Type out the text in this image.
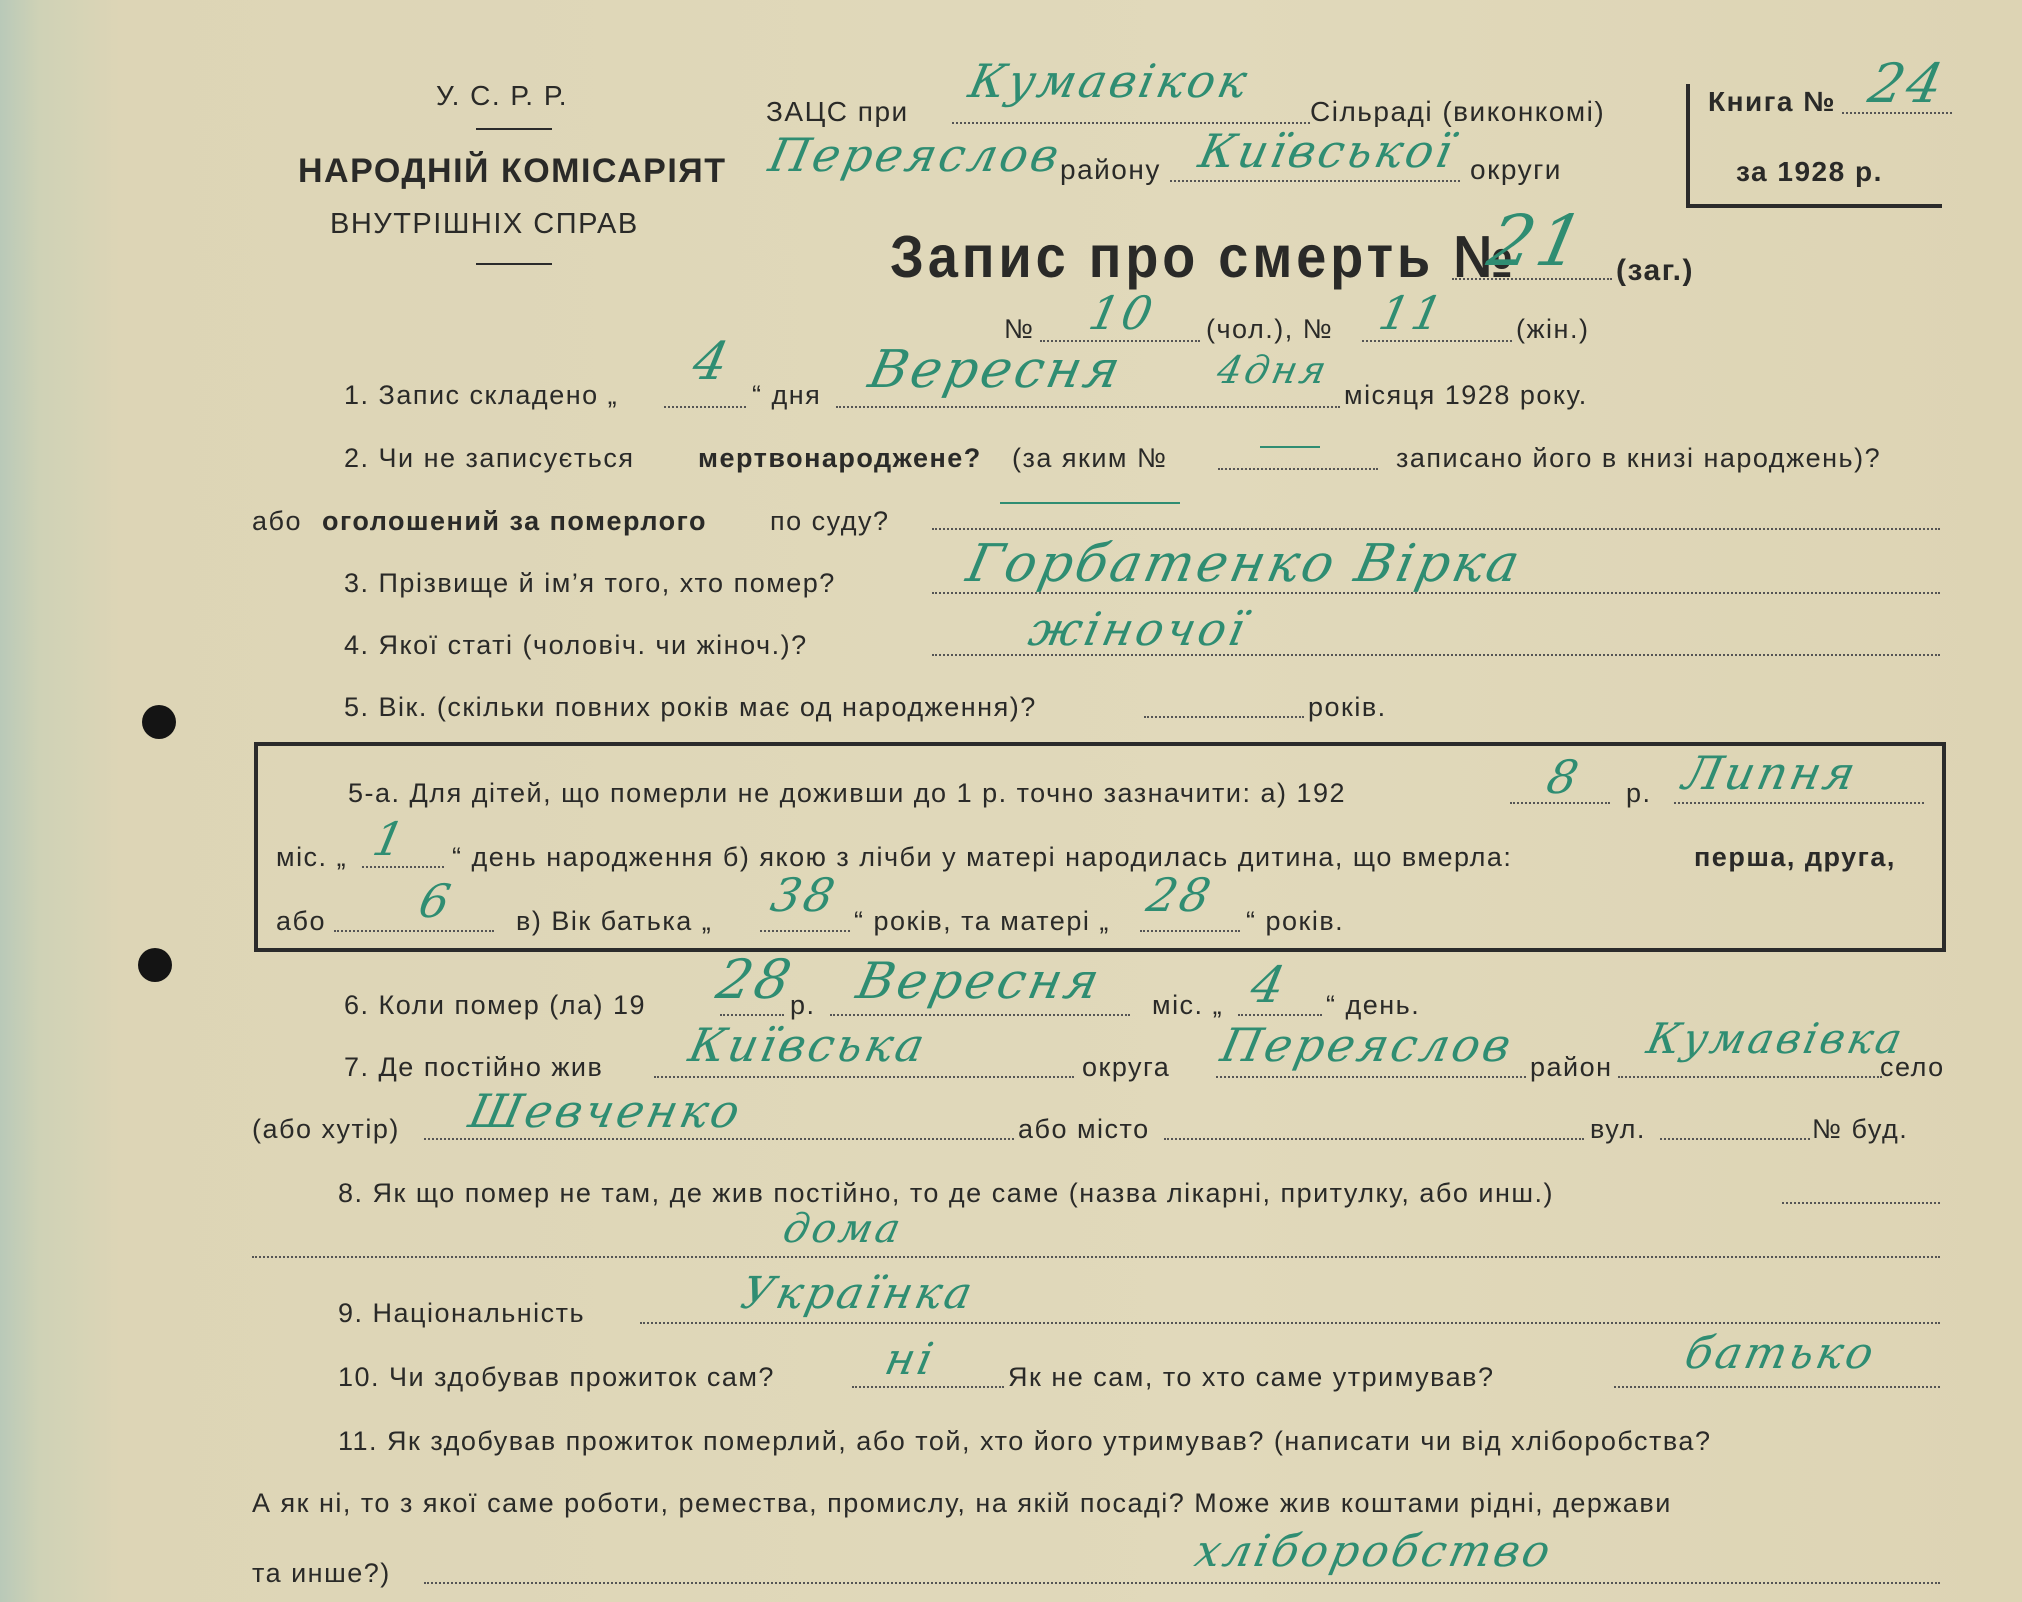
У. С. Р. Р.
НАРОДНІЙ КОМІСАРІЯТ
ВНУТРІШНІХ СПРАВ
ЗАЦС при
Кумaвiкoк
Сільраді (виконкомі)
Перeяcлoв
району Київcької округи
Книга № 24
за 1928 р.
Запис про смерть №
21 (заг.)
№ 10 (чол.), № 11 (жін.)
1. Запис складено „
4
“ дня Вересня 4дня
місяця 1928 року.
2. Чи не записується мертвонароджене? (за яким №	записано його в книзі народжень)?
або оголошений за померлого по суду?
3. Прізвище й ім’я того, хто помер? Горбатенко Вірка
4. Якої статі (чоловіч. чи жіноч.)?	жіночої
5. Вік. (скільки повних років має од народження)?	років.
5-а. Для дітей, що померли не доживши до 1 р. точно зазначити: а) 192	8 р. Липня
міс. „ 1 “ день народження б) якою з лічби у матері народилась дитина, що вмерла:	перша, друга,
або 6 в) Вік батька „ 38 “ років, та матері „ 28 “ років.
6. Коли помер (ла) 19 28
р. Вересня міс. „ 4 “ день.
7. Де постійно жив Київcька	округа Перeяcлoв район
Кумaвiвкa
село
(або хутір) Шевченко	або місто	вул.	№ буд.
8. Як що помер не там, де жив постійно, то де саме (назва лікарні, притулку, або инш.)
дома
9. Національність	Українка
10. Чи здобував прожиток сам? ні	Як не сам, то хто саме утримував?	батько
11. Як здобував прожиток померлий, або той, хто його утримував? (написати чи від хліборобства?
А як ні, то з якої саме роботи, ремества, промислу, на якій посаді? Може жив коштами рідні, держави
та инше?)	хліборобство
